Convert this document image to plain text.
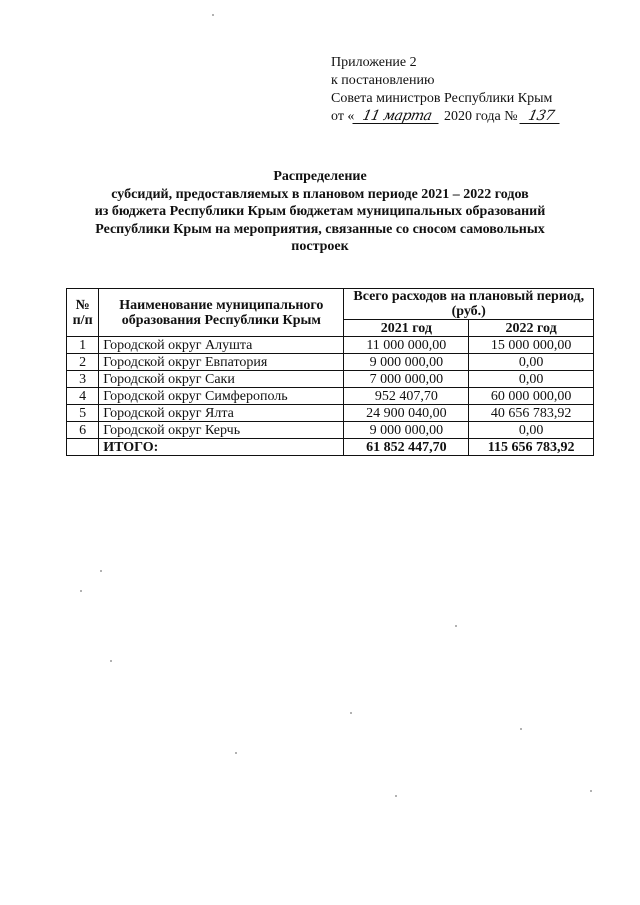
Приложение 2
к постановлению
Совета министров Республики Крым
от « 11 марта 2020 года № 137
Распределение
субсидий, предоставляемых в плановом периоде 2021 – 2022 годов
из бюджета Республики Крым бюджетам муниципальных образований
Республики Крым на мероприятия, связанные со сносом самовольных
построек
№ п/п	Наименование муниципального образования Республики Крым	Всего расходов на плановый период, (руб.)	
		2021 год	2022 год
1	Городской округ Алушта	11 000 000,00	15 000 000,00
2	Городской округ Евпатория	9 000 000,00	0,00
3	Городской округ Саки	7 000 000,00	0,00
4	Городской округ Симферополь	952 407,70	60 000 000,00
5	Городской округ Ялта	24 900 040,00	40 656 783,92
6	Городской округ Керчь	9 000 000,00	0,00
	ИТОГО:	61 852 447,70	115 656 783,92
